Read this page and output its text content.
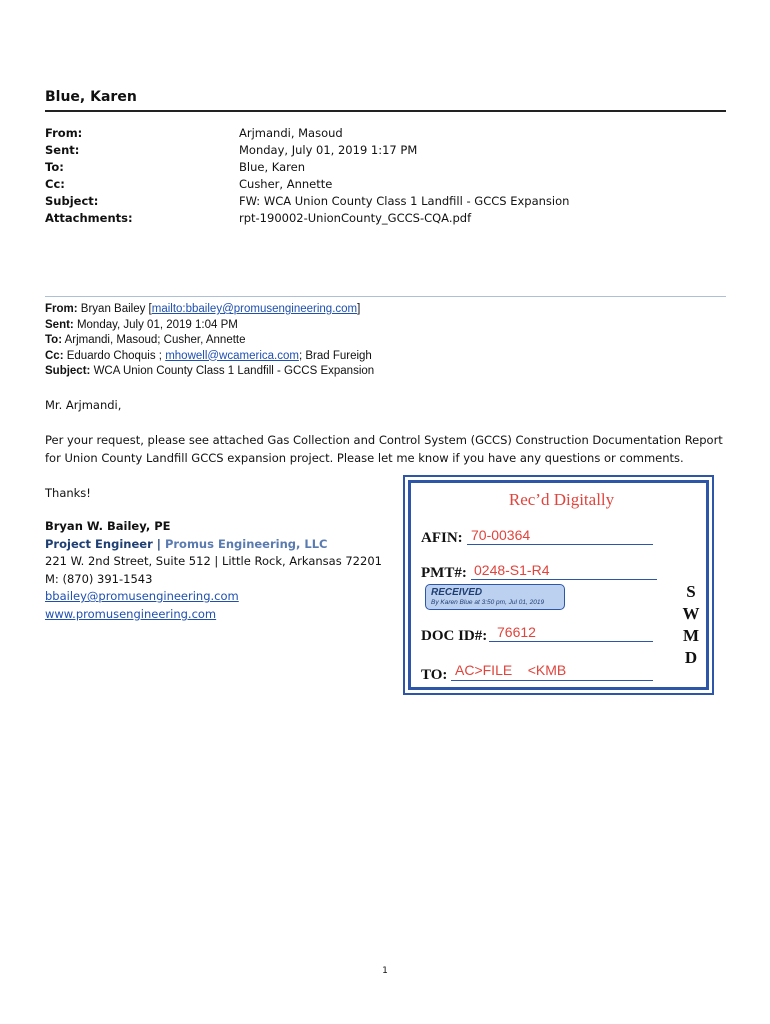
Blue, Karen
From:	Arjmandi, Masoud
Sent:	Monday, July 01, 2019 1:17 PM
To:	Blue, Karen
Cc:	Cusher, Annette
Subject:	FW: WCA Union County Class 1 Landfill - GCCS Expansion
Attachments:	rpt-190002-UnionCounty_GCCS-CQA.pdf
From: Bryan Bailey [mailto:bbailey@promusengineering.com]
Sent: Monday, July 01, 2019 1:04 PM
To: Arjmandi, Masoud; Cusher, Annette
Cc: Eduardo Choquis ; mhowell@wcamerica.com; Brad Fureigh
Subject: WCA Union County Class 1 Landfill - GCCS Expansion
Mr. Arjmandi,
Per your request, please see attached Gas Collection and Control System (GCCS) Construction Documentation Report for Union County Landfill GCCS expansion project. Please let me know if you have any questions or comments.
Thanks!
Bryan W. Bailey, PE
Project Engineer | Promus Engineering, LLC
221 W. 2nd Street, Suite 512 | Little Rock, Arkansas 72201
M: (870) 391-1543
bbailey@promusengineering.com
www.promusengineering.com
Rec’d Digitally
AFIN: 70-00364
PMT#: 0248-S1-R4
RECEIVED
By Karen Blue at 3:50 pm, Jul 01, 2019
DOC ID#: 76612
TO: AC>FILE    <KMB
S
W
M
D
1
